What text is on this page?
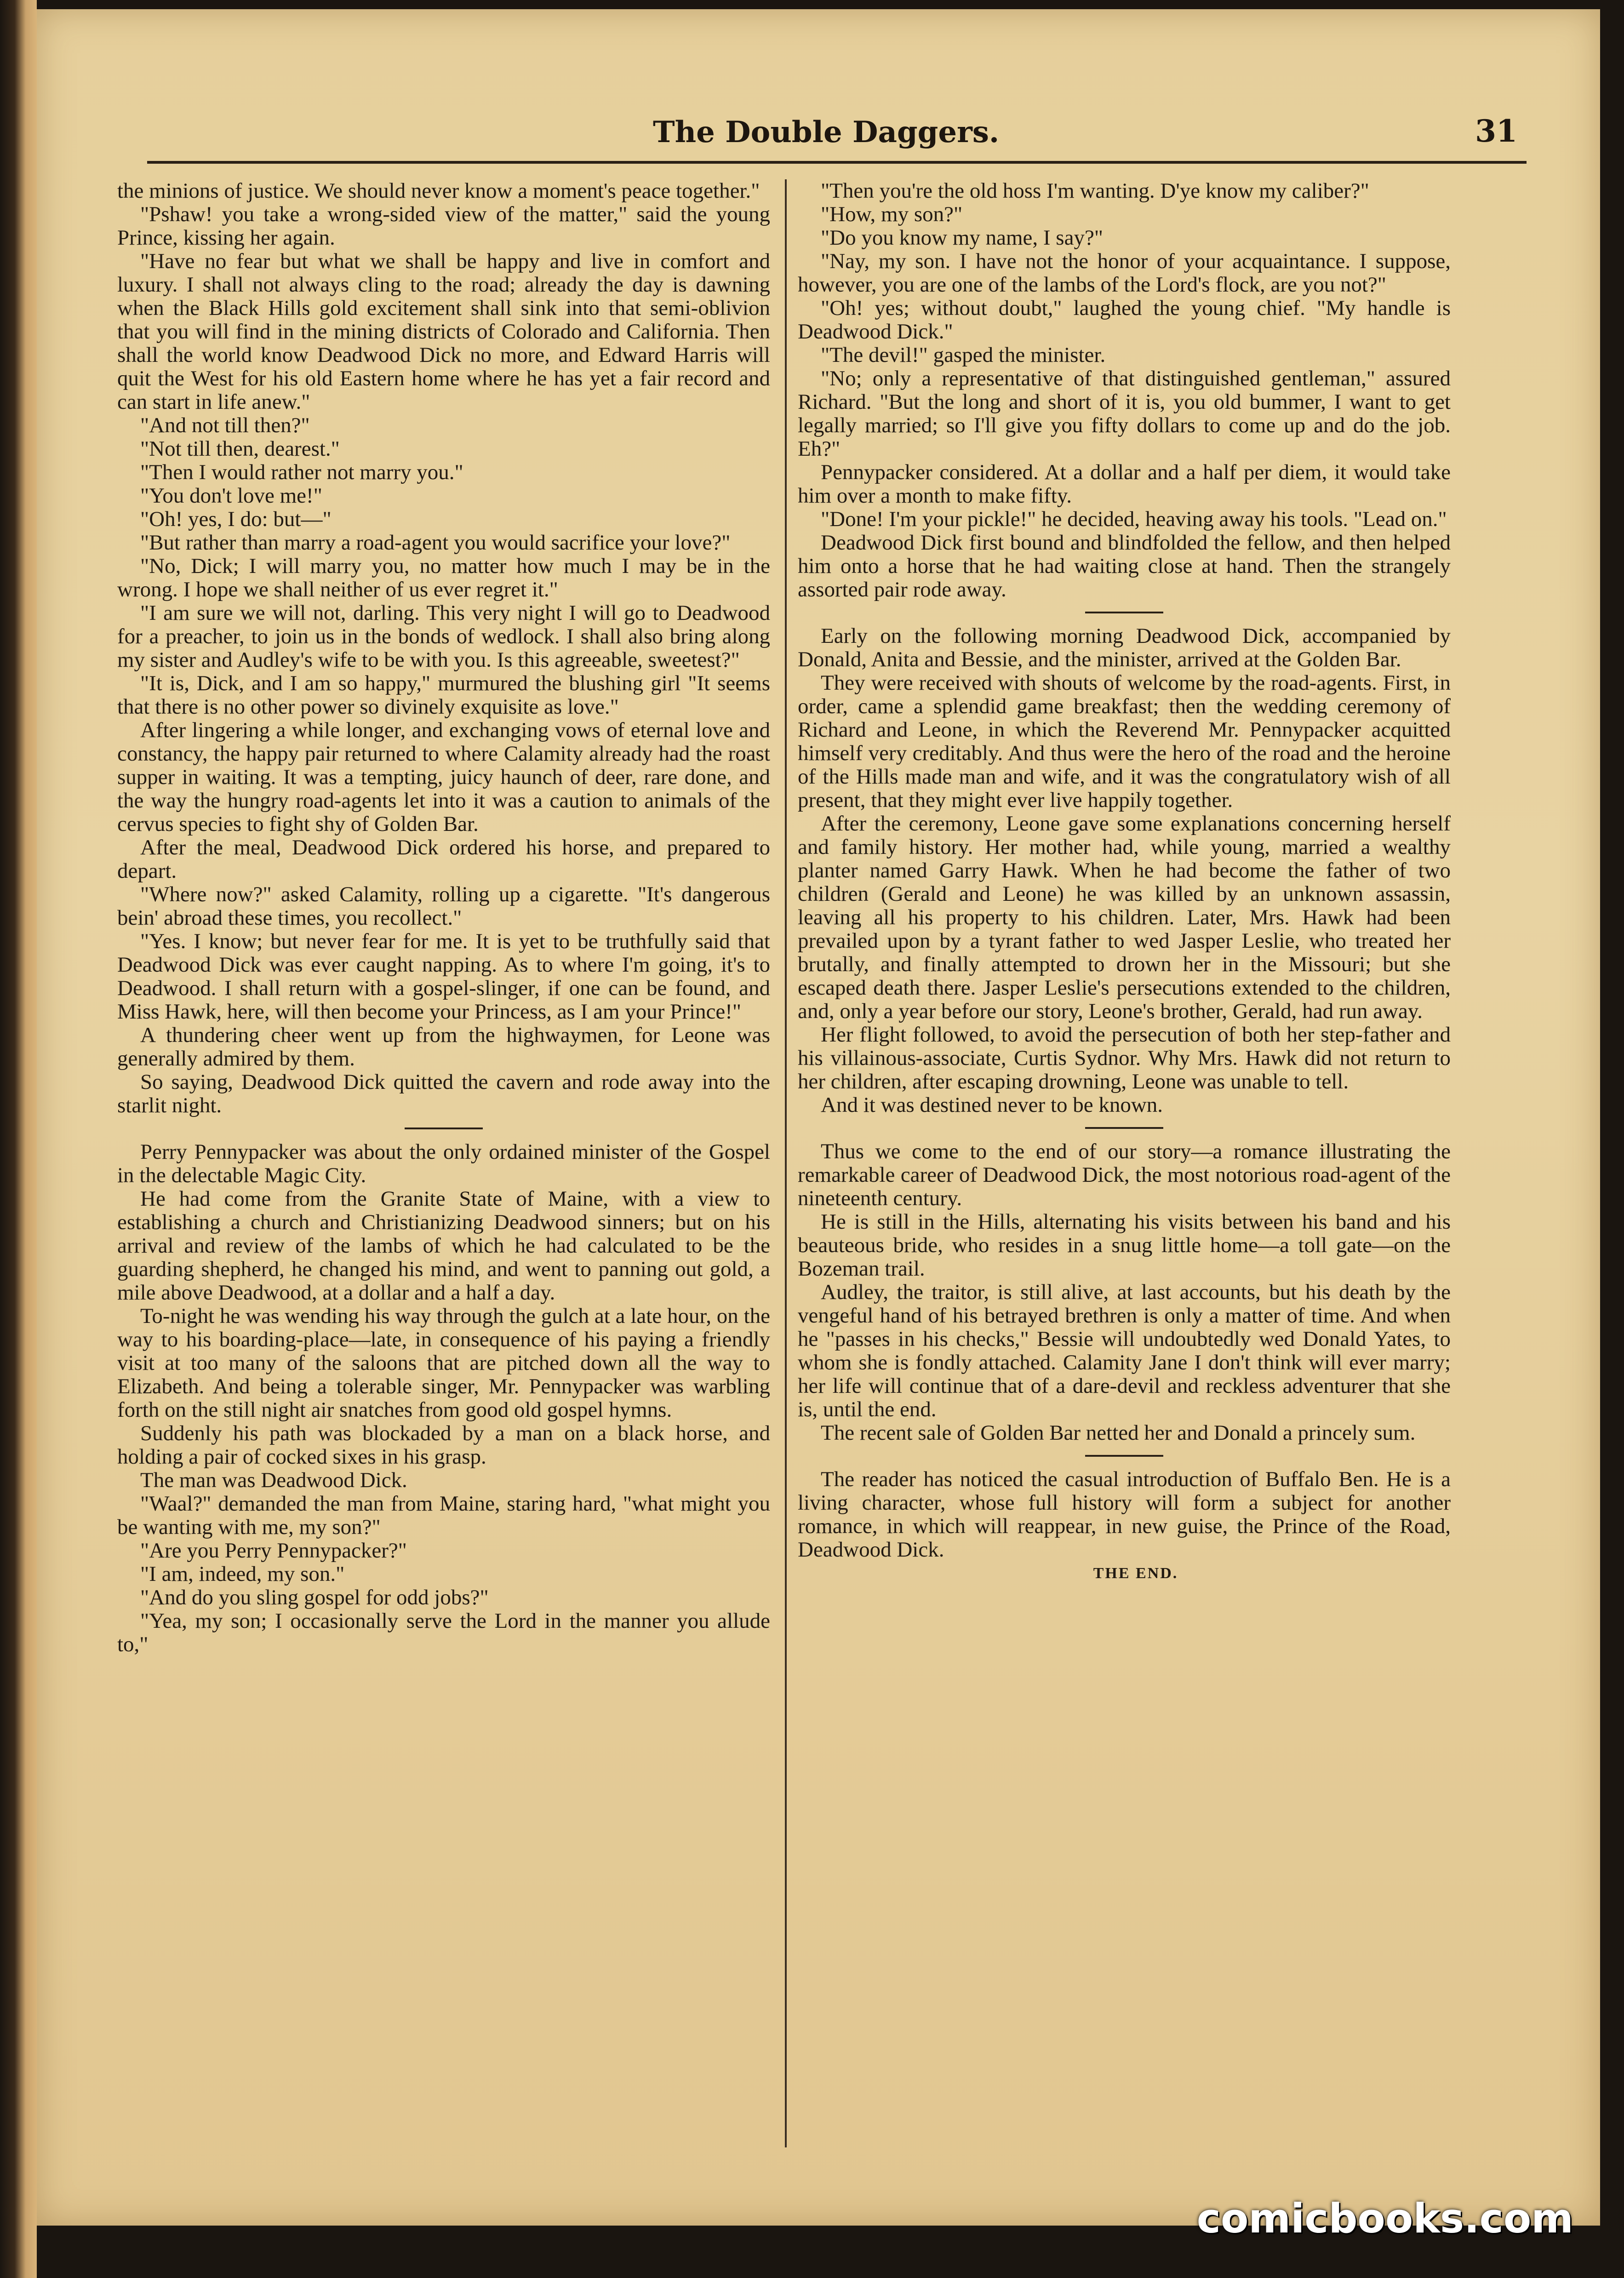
The Double Daggers.	31

the minions of justice. We should never know a moment's peace together."

"Pshaw! you take a wrong-sided view of the matter," said the young Prince, kissing her again.

"Have no fear but what we shall be happy and live in comfort and luxury. I shall not always cling to the road; already the day is dawning when the Black Hills gold excitement shall sink into that semi-oblivion that you will find in the mining districts of Colorado and California. Then shall the world know Deadwood Dick no more, and Edward Harris will quit the West for his old Eastern home where he has yet a fair record and can start in life anew."

"And not till then?"

"Not till then, dearest."

"Then I would rather not marry you."

"You don't love me!"

"Oh! yes, I do: but—"

"But rather than marry a road-agent you would sacrifice your love?"

"No, Dick; I will marry you, no matter how much I may be in the wrong. I hope we shall neither of us ever regret it."

"I am sure we will not, darling. This very night I will go to Deadwood for a preacher, to join us in the bonds of wedlock. I shall also bring along my sister and Audley's wife to be with you. Is this agreeable, sweetest?"

"It is, Dick, and I am so happy," murmured the blushing girl "It seems that there is no other power so divinely exquisite as love."

After lingering a while longer, and exchanging vows of eternal love and constancy, the happy pair returned to where Calamity already had the roast supper in waiting. It was a tempting, juicy haunch of deer, rare done, and the way the hungry road-agents let into it was a caution to animals of the cervus species to fight shy of Golden Bar.

After the meal, Deadwood Dick ordered his horse, and prepared to depart.

"Where now?" asked Calamity, rolling up a cigarette. "It's dangerous bein' abroad these times, you recollect."

"Yes. I know; but never fear for me. It is yet to be truthfully said that Deadwood Dick was ever caught napping. As to where I'm going, it's to Deadwood. I shall return with a gospel-slinger, if one can be found, and Miss Hawk, here, will then become your Princess, as I am your Prince!"

A thundering cheer went up from the highwaymen, for Leone was generally admired by them.

So saying, Deadwood Dick quitted the cavern and rode away into the starlit night.

Perry Pennypacker was about the only ordained minister of the Gospel in the delectable Magic City.

He had come from the Granite State of Maine, with a view to establishing a church and Christianizing Deadwood sinners; but on his arrival and review of the lambs of which he had calculated to be the guarding shepherd, he changed his mind, and went to panning out gold, a mile above Deadwood, at a dollar and a half a day.

To-night he was wending his way through the gulch at a late hour, on the way to his boarding-place—late, in consequence of his paying a friendly visit at too many of the saloons that are pitched down all the way to Elizabeth. And being a tolerable singer, Mr. Pennypacker was warbling forth on the still night air snatches from good old gospel hymns.

Suddenly his path was blockaded by a man on a black horse, and holding a pair of cocked sixes in his grasp.

The man was Deadwood Dick.

"Waal?" demanded the man from Maine, staring hard, "what might you be wanting with me, my son?"

"Are you Perry Pennypacker?"

"I am, indeed, my son."

"And do you sling gospel for odd jobs?"

"Yea, my son; I occasionally serve the Lord in the manner you allude to,"

"Then you're the old hoss I'm wanting. D'ye know my caliber?"

"How, my son?"

"Do you know my name, I say?"

"Nay, my son. I have not the honor of your acquaintance. I suppose, however, you are one of the lambs of the Lord's flock, are you not?"

"Oh! yes; without doubt," laughed the young chief. "My handle is Deadwood Dick."

"The devil!" gasped the minister.

"No; only a representative of that distinguished gentleman," assured Richard. "But the long and short of it is, you old bummer, I want to get legally married; so I'll give you fifty dollars to come up and do the job. Eh?"

Pennypacker considered. At a dollar and a half per diem, it would take him over a month to make fifty.

"Done! I'm your pickle!" he decided, heaving away his tools. "Lead on."

Deadwood Dick first bound and blindfolded the fellow, and then helped him onto a horse that he had waiting close at hand. Then the strangely assorted pair rode away.

Early on the following morning Deadwood Dick, accompanied by Donald, Anita and Bessie, and the minister, arrived at the Golden Bar.

They were received with shouts of welcome by the road-agents. First, in order, came a splendid game breakfast; then the wedding ceremony of Richard and Leone, in which the Reverend Mr. Pennypacker acquitted himself very creditably. And thus were the hero of the road and the heroine of the Hills made man and wife, and it was the congratulatory wish of all present, that they might ever live happily together.

After the ceremony, Leone gave some explanations concerning herself and family history. Her mother had, while young, married a wealthy planter named Garry Hawk. When he had become the father of two children (Gerald and Leone) he was killed by an unknown assassin, leaving all his property to his children. Later, Mrs. Hawk had been prevailed upon by a tyrant father to wed Jasper Leslie, who treated her brutally, and finally attempted to drown her in the Missouri; but she escaped death there. Jasper Leslie's persecutions extended to the children, and, only a year before our story, Leone's brother, Gerald, had run away.

Her flight followed, to avoid the persecution of both her step-father and his villainous-associate, Curtis Sydnor. Why Mrs. Hawk did not return to her children, after escaping drowning, Leone was unable to tell.

And it was destined never to be known.

Thus we come to the end of our story—a romance illustrating the remarkable career of Deadwood Dick, the most notorious road-agent of the nineteenth century.

He is still in the Hills, alternating his visits between his band and his beauteous bride, who resides in a snug little home—a toll gate—on the Bozeman trail.

Audley, the traitor, is still alive, at last accounts, but his death by the vengeful hand of his betrayed brethren is only a matter of time. And when he "passes in his checks," Bessie will undoubtedly wed Donald Yates, to whom she is fondly attached. Calamity Jane I don't think will ever marry; her life will continue that of a dare-devil and reckless adventurer that she is, until the end.

The recent sale of Golden Bar netted her and Donald a princely sum.

The reader has noticed the casual introduction of Buffalo Ben. He is a living character, whose full history will form a subject for another romance, in which will reappear, in new guise, the Prince of the Road, Deadwood Dick.

THE END.

comicbooks.com
